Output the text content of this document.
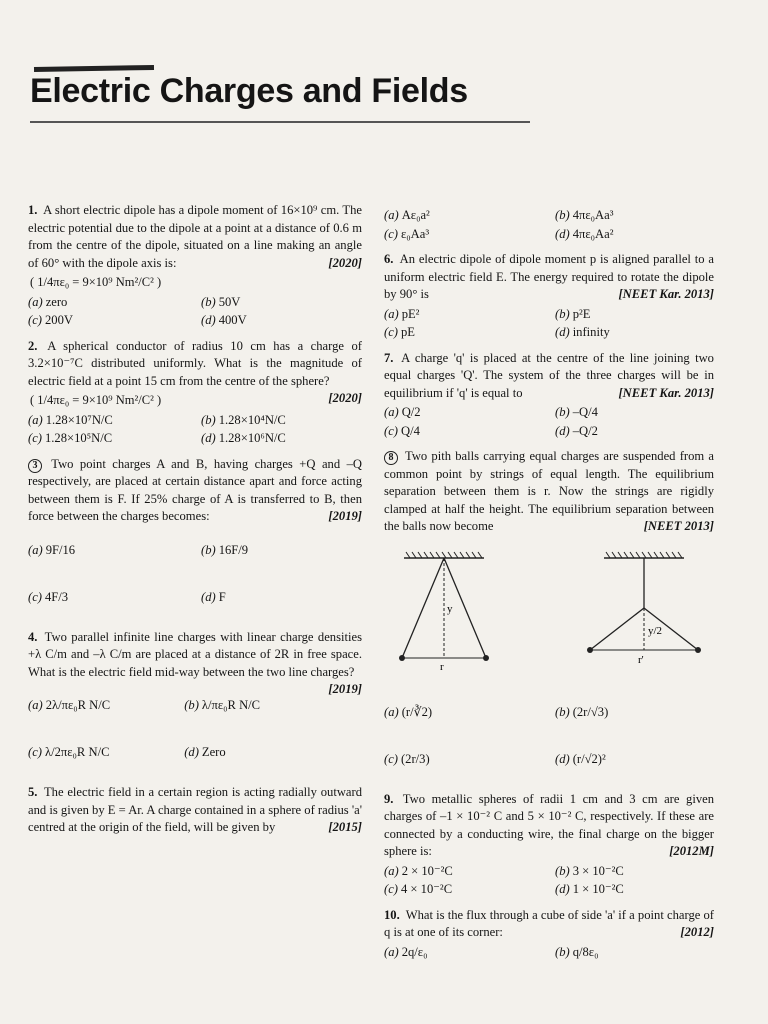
Electric Charges and Fields
1. A short electric dipole has a dipole moment of 16×10⁹ cm. The electric potential due to the dipole at a point at a distance of 0.6 m from the centre of the dipole, situated on a line making an angle of 60° with the dipole axis is:	[2020]
( 1/4πε₀ = 9×10⁹ Nm²/C² )
(a) zero	(b) 50V
(c) 200V	(d) 400V
2. A spherical conductor of radius 10 cm has a charge of 3.2×10⁻⁷C distributed uniformly. What is the magnitude of electric field at a point 15 cm from the centre of the sphere?
[2020]
( 1/4πε₀ = 9×10⁹ Nm²/C² )
(a) 1.28×10⁷N/C	(b) 1.28×10⁴N/C
(c) 1.28×10⁵N/C	(d) 1.28×10⁶N/C
3 Two point charges A and B, having charges +Q and –Q respectively, are placed at certain distance apart and force acting between them is F. If 25% charge of A is transferred to B, then force between the charges becomes:	[2019]
(a) 9F/16	(b) 16F/9
(c) 4F/3	(d) F
4. Two parallel infinite line charges with linear charge densities +λ C/m and –λ C/m are placed at a distance of 2R in free space. What is the electric field mid-way between the two line charges?
[2019]
(a) 2λ/πε₀R N/C	(b) λ/πε₀R N/C
(c) λ/2πε₀R N/C	(d) Zero
5. The electric field in a certain region is acting radially outward and is given by E = Ar. A charge contained in a sphere of radius 'a' centred at the origin of the field, will be given by	[2015]
(a) Aε₀a²	(b) 4πε₀Aa³
(c) ε₀Aa³	(d) 4πε₀Aa²
6. An electric dipole of dipole moment p is aligned parallel to a uniform electric field E. The energy required to rotate the dipole by 90° is	[NEET Kar. 2013]
(a) pE²	(b) p²E
(c) pE	(d) infinity
7. A charge 'q' is placed at the centre of the line joining two equal charges 'Q'. The system of the three charges will be in equilibrium if 'q' is equal to	[NEET Kar. 2013]
(a) Q/2	(b) –Q/4
(c) Q/4	(d) –Q/2
8 Two pith balls carrying equal charges are suspended from a common point by strings of equal length. The equilibrium separation between them is r. Now the strings are rigidly clamped at half the height. The equilibrium separation between the balls now become	[NEET 2013]
y
r
y/2
r'
(a) (r/∛2)	(b) (2r/√3)
(c) (2r/3)	(d) (r/√2)²
9. Two metallic spheres of radii 1 cm and 3 cm are given charges of –1 × 10⁻² C and 5 × 10⁻² C, respectively. If these are connected by a conducting wire, the final charge on the bigger sphere is:	[2012M]
(a) 2 × 10⁻²C	(b) 3 × 10⁻²C
(c) 4 × 10⁻²C	(d) 1 × 10⁻²C
10. What is the flux through a cube of side 'a' if a point charge of q is at one of its corner:	[2012]
(a) 2q/ε₀	(b) q/8ε₀
